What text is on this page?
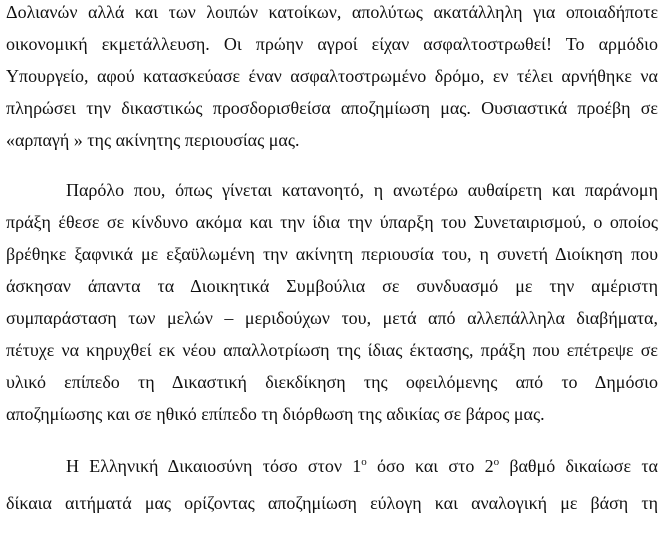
Δολιανών αλλά και των λοιπών κατοίκων, απολύτως ακατάλληλη για οποιαδήποτε
οικονομική εκμετάλλευση. Οι πρώην αγροί είχαν ασφαλτοστρωθεί! Το αρμόδιο
Υπουργείο, αφού κατασκεύασε έναν ασφαλτοστρωμένο δρόμο, εν τέλει αρνήθηκε να
πληρώσει την δικαστικώς προσδορισθείσα αποζημίωση μας. Ουσιαστικά προέβη σε
«αρπαγή » της ακίνητης περιουσίας μας.
Παρόλο που, όπως γίνεται κατανοητό, η ανωτέρω αυθαίρετη και παράνομη
πράξη έθεσε σε κίνδυνο ακόμα και την ίδια την ύπαρξη του Συνεταιρισμού, ο οποίος
βρέθηκε ξαφνικά με εξαϋλωμένη την ακίνητη περιουσία του, η συνετή Διοίκηση που
άσκησαν άπαντα τα Διοικητικά Συμβούλια σε συνδυασμό με την αμέριστη
συμπαράσταση των μελών – μεριδούχων του, μετά από αλλεπάλληλα διαβήματα,
πέτυχε να κηρυχθεί εκ νέου απαλλοτρίωση της ίδιας έκτασης, πράξη που επέτρεψε σε
υλικό επίπεδο τη Δικαστική διεκδίκηση της οφειλόμενης από το Δημόσιο
αποζημίωσης και σε ηθικό επίπεδο τη διόρθωση της αδικίας σε βάρος μας.
Η Ελληνική Δικαιοσύνη τόσο στον $1^o$ όσο και στο $2^o$ βαθμό δικαίωσε τα
δίκαια αιτήματά μας ορίζοντας αποζημίωση εύλογη και αναλογική με βάση τη
